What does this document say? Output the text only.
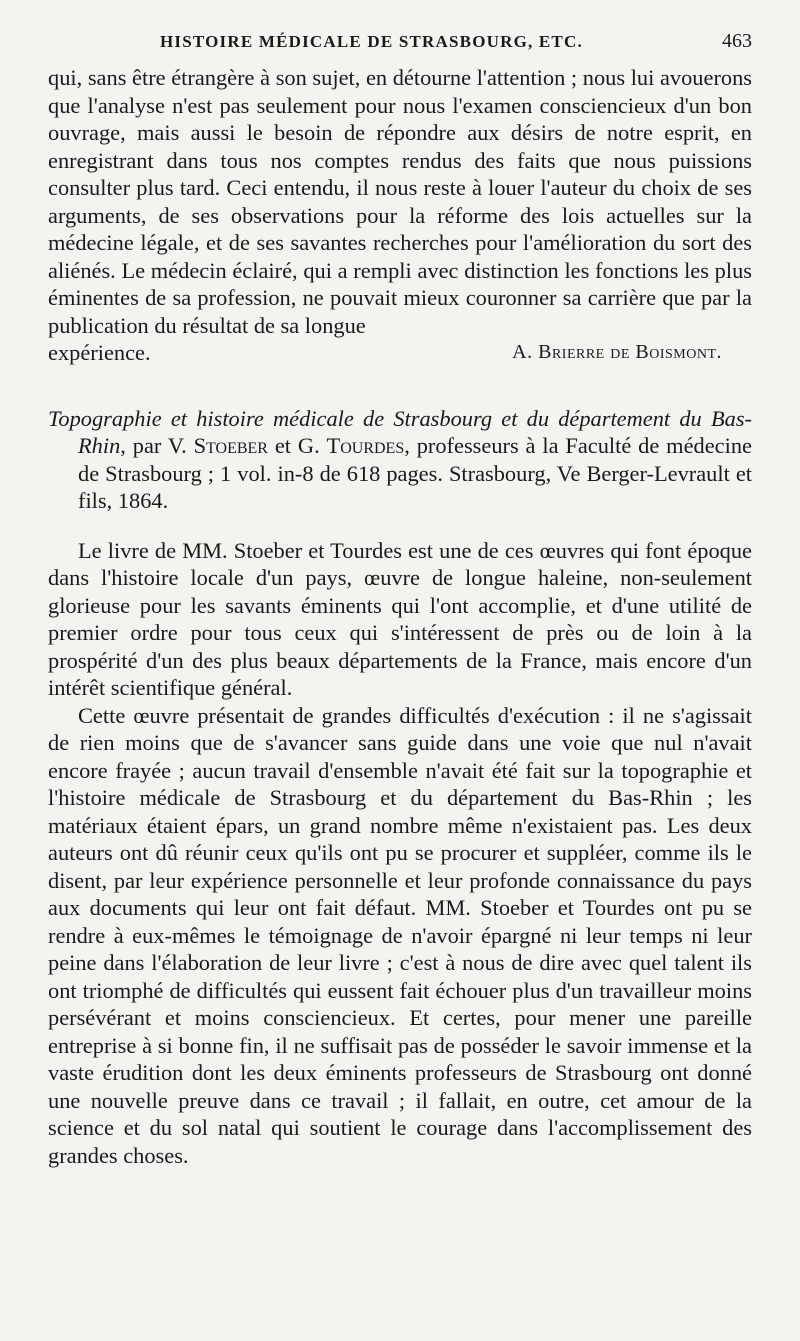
HISTOIRE MÉDICALE DE STRASBOURG, ETC.	463

qui, sans être étrangère à son sujet, en détourne l'attention ; nous lui avouerons que l'analyse n'est pas seulement pour nous l'examen consciencieux d'un bon ouvrage, mais aussi le besoin de répondre aux désirs de notre esprit, en enregistrant dans tous nos comptes rendus des faits que nous puissions consulter plus tard. Ceci entendu, il nous reste à louer l'auteur du choix de ses arguments, de ses observations pour la réforme des lois actuelles sur la médecine légale, et de ses savantes recherches pour l'amélioration du sort des aliénés. Le médecin éclairé, qui a rempli avec distinction les fonctions les plus éminentes de sa profession, ne pouvait mieux couronner sa carrière que par la publication du résultat de sa longue

expérience.	A. Brierre de Boismont.

Topographie et histoire médicale de Strasbourg et du département du Bas-Rhin, par V. Stoeber et G. Tourdes, professeurs à la Faculté de médecine de Strasbourg ; 1 vol. in-8 de 618 pages. Strasbourg, Ve Berger-Levrault et fils, 1864.

Le livre de MM. Stoeber et Tourdes est une de ces œuvres qui font époque dans l'histoire locale d'un pays, œuvre de longue haleine, non-seulement glorieuse pour les savants éminents qui l'ont accomplie, et d'une utilité de premier ordre pour tous ceux qui s'intéressent de près ou de loin à la prospérité d'un des plus beaux départements de la France, mais encore d'un intérêt scientifique général.

Cette œuvre présentait de grandes difficultés d'exécution : il ne s'agissait de rien moins que de s'avancer sans guide dans une voie que nul n'avait encore frayée ; aucun travail d'ensemble n'avait été fait sur la topographie et l'histoire médicale de Strasbourg et du département du Bas-Rhin ; les matériaux étaient épars, un grand nombre même n'existaient pas. Les deux auteurs ont dû réunir ceux qu'ils ont pu se procurer et suppléer, comme ils le disent, par leur expérience personnelle et leur profonde connaissance du pays aux documents qui leur ont fait défaut. MM. Stoeber et Tourdes ont pu se rendre à eux-mêmes le témoignage de n'avoir épargné ni leur temps ni leur peine dans l'élaboration de leur livre ; c'est à nous de dire avec quel talent ils ont triomphé de difficultés qui eussent fait échouer plus d'un travailleur moins persévérant et moins consciencieux. Et certes, pour mener une pareille entreprise à si bonne fin, il ne suffisait pas de posséder le savoir immense et la vaste érudition dont les deux éminents professeurs de Strasbourg ont donné une nouvelle preuve dans ce travail ; il fallait, en outre, cet amour de la science et du sol natal qui soutient le courage dans l'accomplissement des grandes choses.
